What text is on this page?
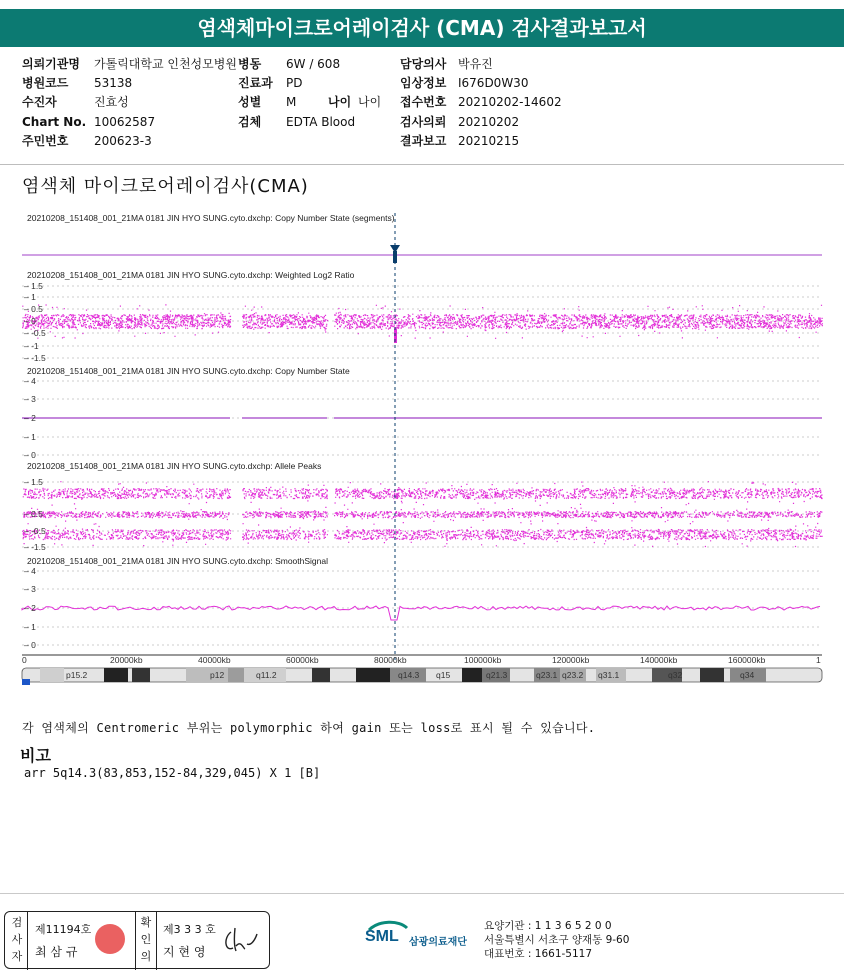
염색체마이크로어레이검사 (CMA) 검사결과보고서
의뢰기관명 가톨릭대학교 인천성모병원 병동 6W / 608	담당의사 박유진
병원코드 53138	진료과 PD	임상정보 I676D0W30
수진자	진효성	성별 M	나이 나이 접수번호 20210202-14602
Chart No. 10062587	검체 EDTA Blood	검사의뢰 20210202
주민번호 200623-3	결과보고 20210215
염색체 마이크로어레이검사(CMA)
20210208_151408_001_21MA 0181 JIN HYO SUNG.cyto.dxchp: Copy Number State (segments)
20210208_151408_001_21MA 0181 JIN HYO SUNG.cyto.dxchp: Weighted Log2 Ratio
20210208_151408_001_21MA 0181 JIN HYO SUNG.cyto.dxchp: Copy Number State
20210208_151408_001_21MA 0181 JIN HYO SUNG.cyto.dxchp: Allele Peaks
20210208_151408_001_21MA 0181 JIN HYO SUNG.cyto.dxchp: SmoothSignal
– 1.5
– 1
– 0.5
– 0
– -0.5
– -1
– -1.5
– 4
– 3
– 2
– 1
– 0
– 1.5
– 0.5
– -0.5
– -1.5
– 4
– 3
– 2
– 1
– 0
0	20000kb	40000kb	60000kb	80000kb	100000kb	120000kb	140000kb	160000kb	1
p15.2	p12	q11.2	q14.3 q15	q21.3	q23.1 q23.2 q31.1	q32	q34
각 염색체의 Centromeric 부위는 polymorphic 하여 gain 또는 loss로 표시 될 수 있습니다.
비고
arr 5q14.3(83,853,152-84,329,045) X 1 [B]
검사자
제11194호
최 삼 규
확인의
제3 3 3 호
지 현 영
SML 삼광의료재단
요양기관 : 1 1 3 6 5 2 0 0
서울특별시 서초구 양재동 9-60
대표번호 : 1661-5117
